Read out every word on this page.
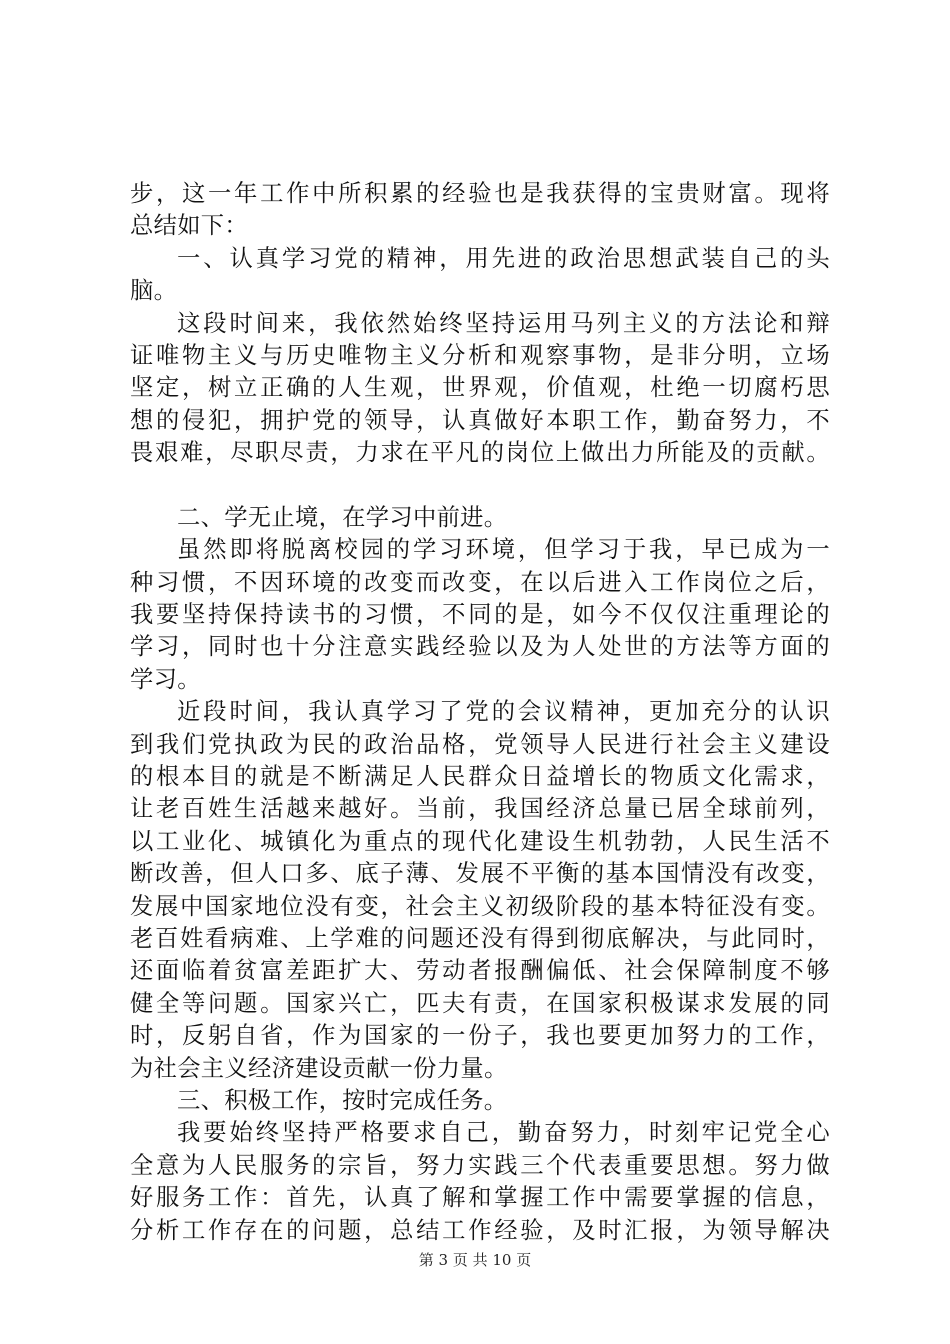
步，这一年工作中所积累的经验也是我获得的宝贵财富。现将
总结如下：
一、认真学习党的精神，用先进的政治思想武装自己的头
脑。
这段时间来，我依然始终坚持运用马列主义的方法论和辩
证唯物主义与历史唯物主义分析和观察事物，是非分明，立场
坚定，树立正确的人生观，世界观，价值观，杜绝一切腐朽思
想的侵犯，拥护党的领导，认真做好本职工作，勤奋努力，不
畏艰难，尽职尽责，力求在平凡的岗位上做出力所能及的贡献。
二、学无止境，在学习中前进。
虽然即将脱离校园的学习环境，但学习于我，早已成为一
种习惯，不因环境的改变而改变，在以后进入工作岗位之后，
我要坚持保持读书的习惯，不同的是，如今不仅仅注重理论的
学习，同时也十分注意实践经验以及为人处世的方法等方面的
学习。
近段时间，我认真学习了党的会议精神，更加充分的认识
到我们党执政为民的政治品格，党领导人民进行社会主义建设
的根本目的就是不断满足人民群众日益增长的物质文化需求，
让老百姓生活越来越好。当前，我国经济总量已居全球前列，
以工业化、城镇化为重点的现代化建设生机勃勃，人民生活不
断改善，但人口多、底子薄、发展不平衡的基本国情没有改变，
发展中国家地位没有变，社会主义初级阶段的基本特征没有变。
老百姓看病难、上学难的问题还没有得到彻底解决，与此同时，
还面临着贫富差距扩大、劳动者报酬偏低、社会保障制度不够
健全等问题。国家兴亡，匹夫有责，在国家积极谋求发展的同
时，反躬自省，作为国家的一份子，我也要更加努力的工作，
为社会主义经济建设贡献一份力量。
三、积极工作，按时完成任务。
我要始终坚持严格要求自己，勤奋努力，时刻牢记党全心
全意为人民服务的宗旨，努力实践三个代表重要思想。努力做
好服务工作：首先，认真了解和掌握工作中需要掌握的信息，
分析工作存在的问题，总结工作经验，及时汇报，为领导解决
第 3 页 共 10 页
